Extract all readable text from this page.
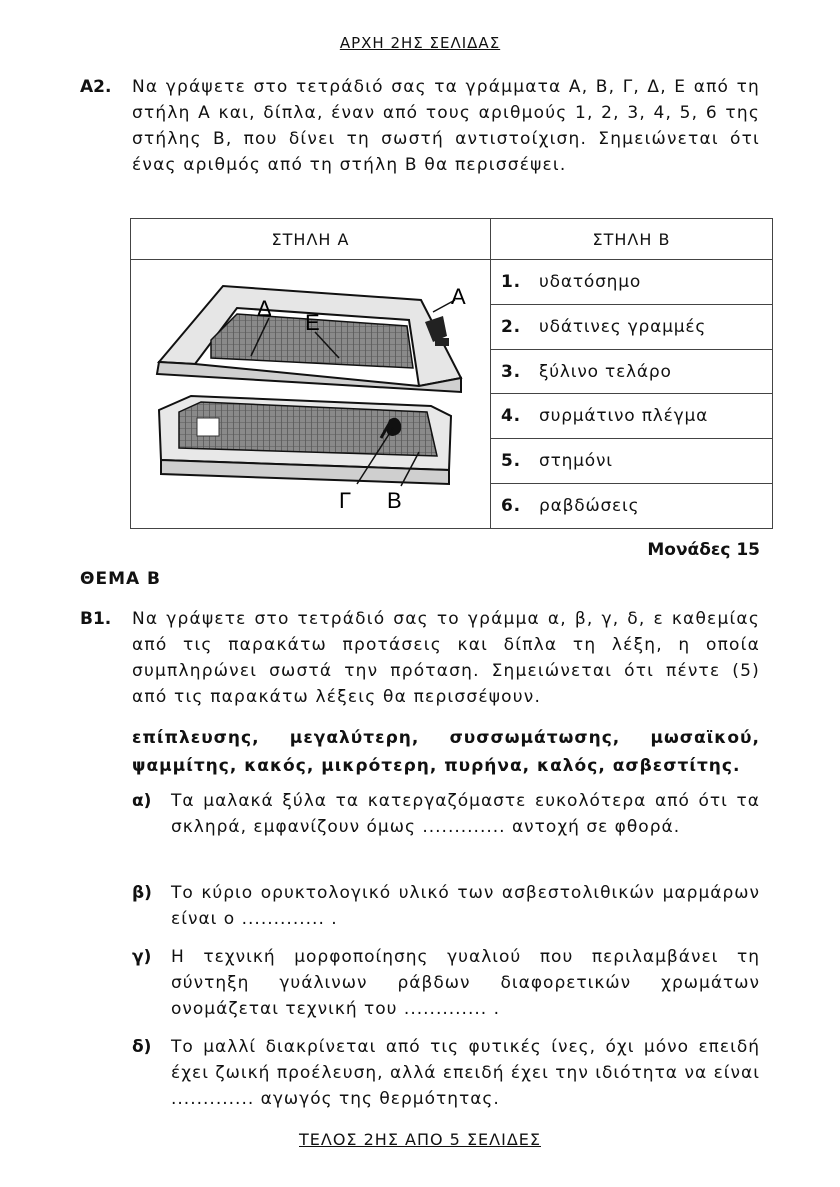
ΑΡΧΗ 2ΗΣ ΣΕΛΙΔΑΣ
Α2. Να γράψετε στο τετράδιό σας τα γράμματα Α, Β, Γ, Δ, Ε από τη στήλη Α και, δίπλα, έναν από τους αριθμούς 1, 2, 3, 4, 5, 6 της στήλης Β, που δίνει τη σωστή αντιστοίχιση. Σημειώνεται ότι ένας αριθμός από τη στήλη Β θα περισσέψει.
ΣΤΗΛΗ Α	ΣΤΗΛΗ Β

Δ
Ε
Α
Γ Β	1. υδατόσημο
	2. υδάτινες γραμμές
	3. ξύλινο τελάρο
	4. συρμάτινο πλέγμα
	5. στημόνι
	6. ραβδώσεις
Μονάδες 15
ΘΕΜΑ Β
Β1. Να γράψετε στο τετράδιό σας το γράμμα α, β, γ, δ, ε καθεμίας από τις παρακάτω προτάσεις και δίπλα τη λέξη, η οποία συμπληρώνει σωστά την πρόταση. Σημειώνεται ότι πέντε (5) από τις παρακάτω λέξεις θα περισσέψουν.
επίπλευσης, μεγαλύτερη, συσσωμάτωσης, μωσαϊκού, ψαμμίτης, κακός, μικρότερη, πυρήνα, καλός, ασβεστίτης.
α) Τα μαλακά ξύλα τα κατεργαζόμαστε ευκολότερα από ότι τα σκληρά, εμφανίζουν όμως ............. αντοχή σε φθορά.
β) Το κύριο ορυκτολογικό υλικό των ασβεστολιθικών μαρμάρων είναι ο ............. .
γ) Η τεχνική μορφοποίησης γυαλιού που περιλαμβάνει τη σύντηξη γυάλινων ράβδων διαφορετικών χρωμάτων ονομάζεται τεχνική του ............. .
δ) Το μαλλί διακρίνεται από τις φυτικές ίνες, όχι μόνο επειδή έχει ζωική προέλευση, αλλά επειδή έχει την ιδιότητα να είναι ............. αγωγός της θερμότητας.
ΤΕΛΟΣ 2ΗΣ ΑΠΟ 5 ΣΕΛΙΔΕΣ
